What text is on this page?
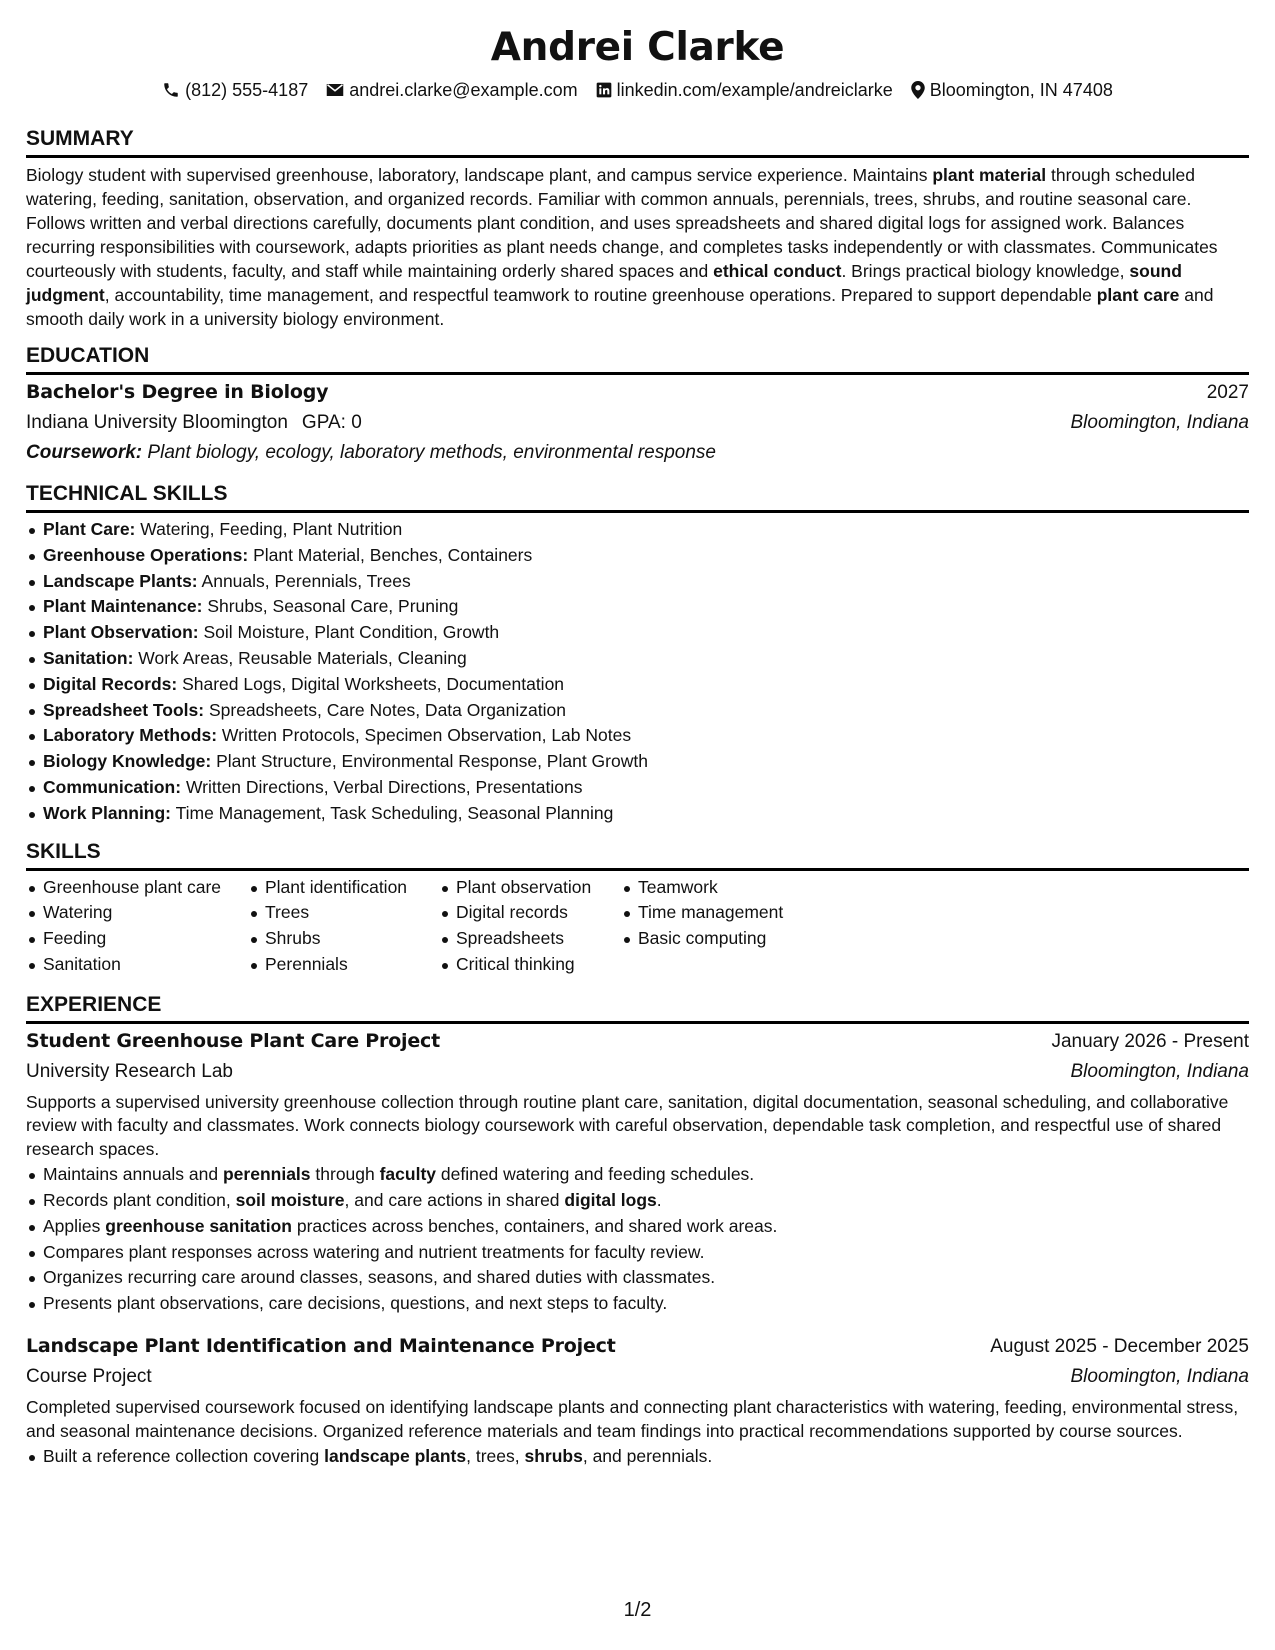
Andrei Clarke
(812) 555-4187 andrei.clarke@example.com linkedin.com/example/andreiclarke Bloomington, IN 47408
SUMMARY

Biology student with supervised greenhouse, laboratory, landscape plant, and campus service experience. Maintains plant material through scheduled watering, feeding, sanitation, observation, and organized records. Familiar with common annuals, perennials, trees, shrubs, and routine seasonal care. Follows written and verbal directions carefully, documents plant condition, and uses spreadsheets and shared digital logs for assigned work. Balances recurring responsibilities with coursework, adapts priorities as plant needs change, and completes tasks independently or with classmates. Communicates courteously with students, faculty, and staff while maintaining orderly shared spaces and ethical conduct. Brings practical biology knowledge, sound judgment, accountability, time management, and respectful teamwork to routine greenhouse operations. Prepared to support dependable plant care and smooth daily work in a university biology environment.

EDUCATION
Bachelor's Degree in Biology	2027
Indiana University Bloomington GPA: 0	Bloomington, Indiana
Coursework: Plant biology, ecology, laboratory methods, environmental response
TECHNICAL SKILLS
Plant Care: Watering, Feeding, Plant Nutrition
Greenhouse Operations: Plant Material, Benches, Containers
Landscape Plants: Annuals, Perennials, Trees
Plant Maintenance: Shrubs, Seasonal Care, Pruning
Plant Observation: Soil Moisture, Plant Condition, Growth
Sanitation: Work Areas, Reusable Materials, Cleaning
Digital Records: Shared Logs, Digital Worksheets, Documentation
Spreadsheet Tools: Spreadsheets, Care Notes, Data Organization
Laboratory Methods: Written Protocols, Specimen Observation, Lab Notes
Biology Knowledge: Plant Structure, Environmental Response, Plant Growth
Communication: Written Directions, Verbal Directions, Presentations
Work Planning: Time Management, Task Scheduling, Seasonal Planning
SKILLS
Greenhouse plant care
Watering
Feeding
Sanitation
Plant identification
Trees
Shrubs
Perennials
Plant observation
Digital records
Spreadsheets
Critical thinking
Teamwork
Time management
Basic computing
EXPERIENCE
Student Greenhouse Plant Care Project	January 2026 - Present
University Research Lab	Bloomington, Indiana

Supports a supervised university greenhouse collection through routine plant care, sanitation, digital documentation, seasonal scheduling, and collaborative review with faculty and classmates. Work connects biology coursework with careful observation, dependable task completion, and respectful use of shared research spaces.

Maintains annuals and perennials through faculty defined watering and feeding schedules.
Records plant condition, soil moisture, and care actions in shared digital logs.
Applies greenhouse sanitation practices across benches, containers, and shared work areas.
Compares plant responses across watering and nutrient treatments for faculty review.
Organizes recurring care around classes, seasons, and shared duties with classmates.
Presents plant observations, care decisions, questions, and next steps to faculty.
Landscape Plant Identification and Maintenance Project	August 2025 - December 2025
Course Project	Bloomington, Indiana

Completed supervised coursework focused on identifying landscape plants and connecting plant characteristics with watering, feeding, environmental stress, and seasonal maintenance decisions. Organized reference materials and team findings into practical recommendations supported by course sources.

Built a reference collection covering landscape plants, trees, shrubs, and perennials.
1/2
